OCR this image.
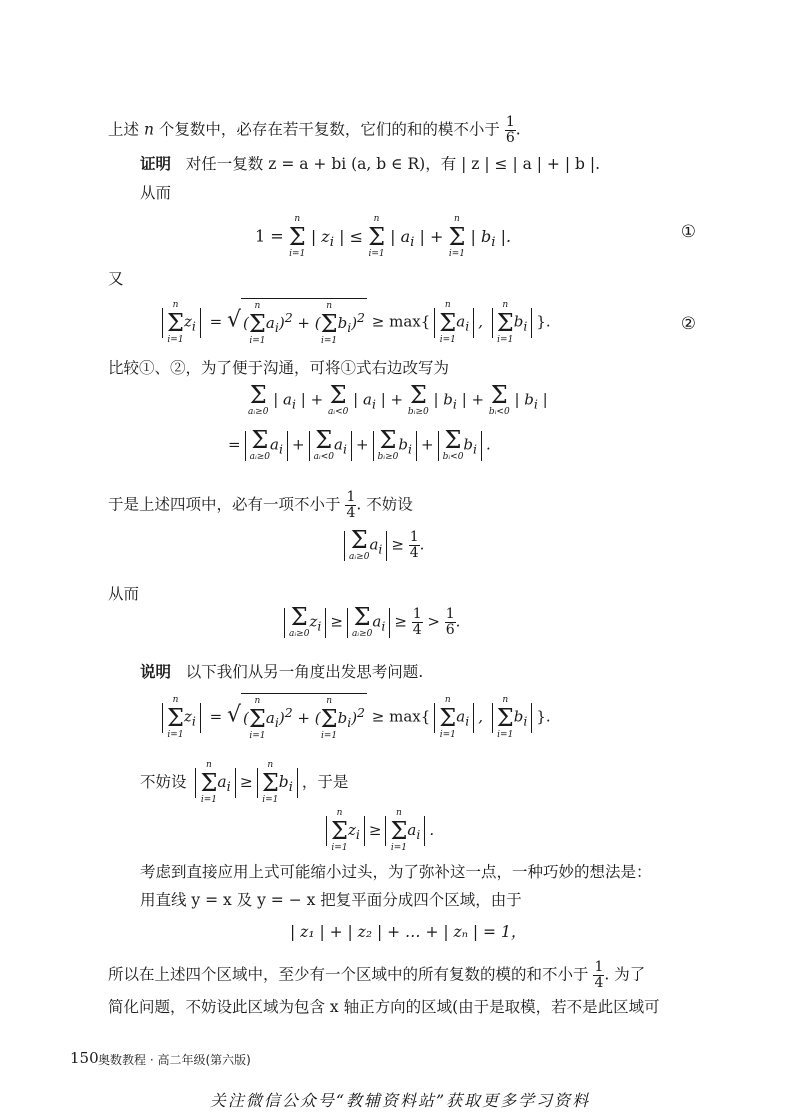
上述 n 个复数中，必存在若干复数，它们的和的模不小于 $\frac{1}{6}$ .
证明 对任一复数 z = a + bi (a, b ∈ R)，有 | z | ≤ | a | + | b |.
从而
1 =
n
Σ
i=1
| $z_i$ | ≤
n
Σ
i=1
| $a_i$ | +
n
Σ
i=1
| $b_i$ |.	①
又
n
Σ
i=1
$z_i$ = √ (
n
Σ
i=1
$a_i)^2$ + (
n
Σ
i=1
$b_i)^2 \ge \max${
n
Σ
i=1
$a_i$ ,
n
Σ
i=1
$b_i$ }.	②
比较①、②，为了便于沟通，可将①式右边改写为
Σ
aᵢ≥0
| $a_i$ | + Σ
aᵢ<0
| $a_i$ | + Σ
bᵢ≥0
| $b_i$ | + Σ
bᵢ<0
| $b_i$ |
= Σ
aᵢ≥0
$a_i + \Sigma$
aᵢ<0
$a_i + \Sigma$
bᵢ≥0
$b_i + \Sigma$
bᵢ<0
$b_i$ .
于是上述四项中，必有一项不小于 $\frac{1}{4}$ . 不妨设
Σ
aᵢ≥0
$a_i \ge \frac{1}{4}$ .
从而
Σ
aᵢ≥0
$z_i \ge \Sigma$
aᵢ≥0
$a_i \ge \frac{1}{4} > \frac{1}{6}$ .
说明 以下我们从另一角度出发思考问题.
n
Σ
i=1
$z_i$ = √ (
n
Σ
i=1
$a_i)^2$ + (
n
Σ
i=1
$b_i)^2 \ge \max${
n
Σ
i=1
$a_i$ ,
n
Σ
i=1
$b_i$ }.
不妨设
n
Σ
i=1
$a_i$ ≥
n
Σ
i=1
$b_i$ ，于是
n
Σ
i=1
$z_i$ ≥
n
Σ
i=1
$a_i$ .
考虑到直接应用上式可能缩小过头，为了弥补这一点，一种巧妙的想法是：
用直线 y = x 及 y = − x 把复平面分成四个区域，由于
| z₁ | + | z₂ | + … + | zₙ | = 1，
所以在上述四个区域中，至少有一个区域中的所有复数的模的和不小于 $\frac{1}{4}$ . 为了
简化问题，不妨设此区域为包含 x 轴正方向的区域(由于是取模，若不是此区域可
150 奥数教程 · 高二年级(第六版)
关注微信公众号“教辅资料站”获取更多学习资料
